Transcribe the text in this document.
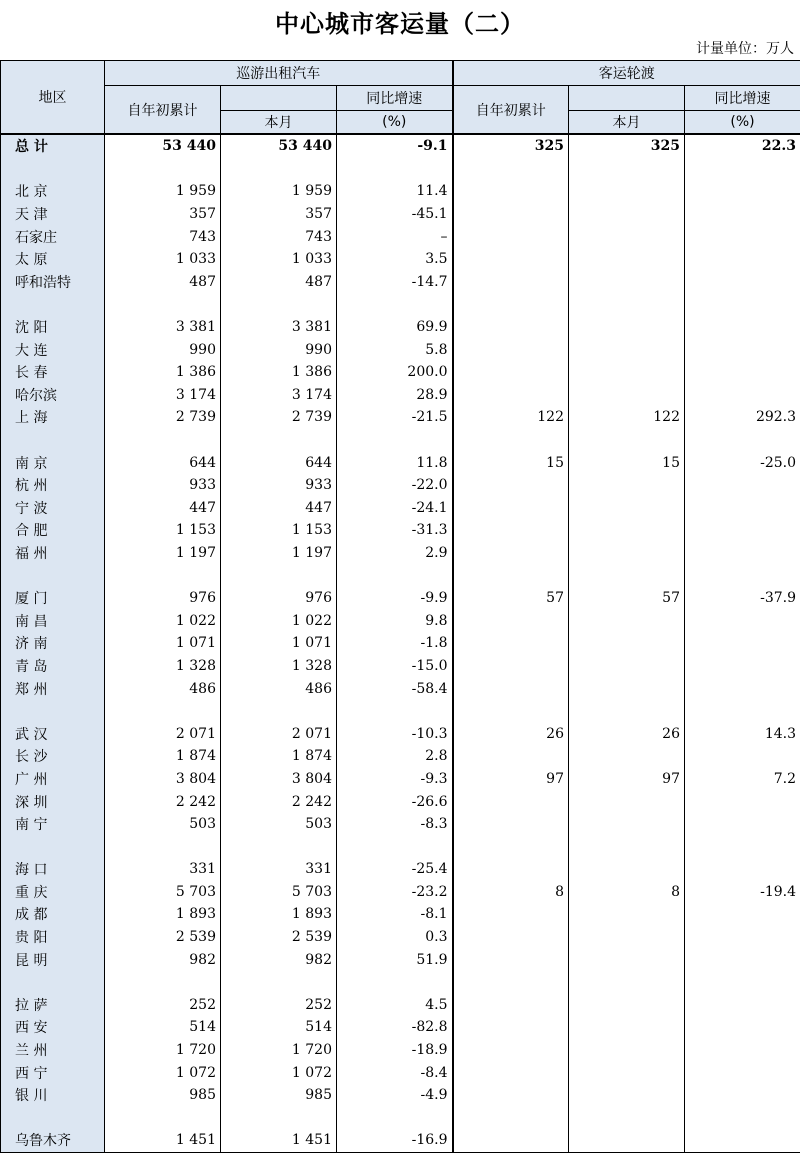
中心城市客运量（二）
计量单位：万人
地区	巡游出租汽车			客运轮渡		
	自年初累计		同比增速	自年初累计		同比增速
		本月	(%)		本月	(%)
总 计	53 440	53 440	-9.1	325	325	22.3

北 京	1 959	1 959	11.4			
天 津	357	357	-45.1			
石家庄	743	743	–			
太 原	1 033	1 033	3.5			
呼和浩特	487	487	-14.7			

沈 阳	3 381	3 381	69.9			
大 连	990	990	5.8			
长 春	1 386	1 386	200.0			
哈尔滨	3 174	3 174	28.9			
上 海	2 739	2 739	-21.5	122	122	292.3

南 京	644	644	11.8	15	15	-25.0
杭 州	933	933	-22.0			
宁 波	447	447	-24.1			
合 肥	1 153	1 153	-31.3			
福 州	1 197	1 197	2.9			

厦 门	976	976	-9.9	57	57	-37.9
南 昌	1 022	1 022	9.8			
济 南	1 071	1 071	-1.8			
青 岛	1 328	1 328	-15.0			
郑 州	486	486	-58.4			

武 汉	2 071	2 071	-10.3	26	26	14.3
长 沙	1 874	1 874	2.8			
广 州	3 804	3 804	-9.3	97	97	7.2
深 圳	2 242	2 242	-26.6			
南 宁	503	503	-8.3			

海 口	331	331	-25.4			
重 庆	5 703	5 703	-23.2	8	8	-19.4
成 都	1 893	1 893	-8.1			
贵 阳	2 539	2 539	0.3			
昆 明	982	982	51.9			

拉 萨	252	252	4.5			
西 安	514	514	-82.8			
兰 州	1 720	1 720	-18.9			
西 宁	1 072	1 072	-8.4			
银 川	985	985	-4.9			

乌鲁木齐	1 451	1 451	-16.9			
